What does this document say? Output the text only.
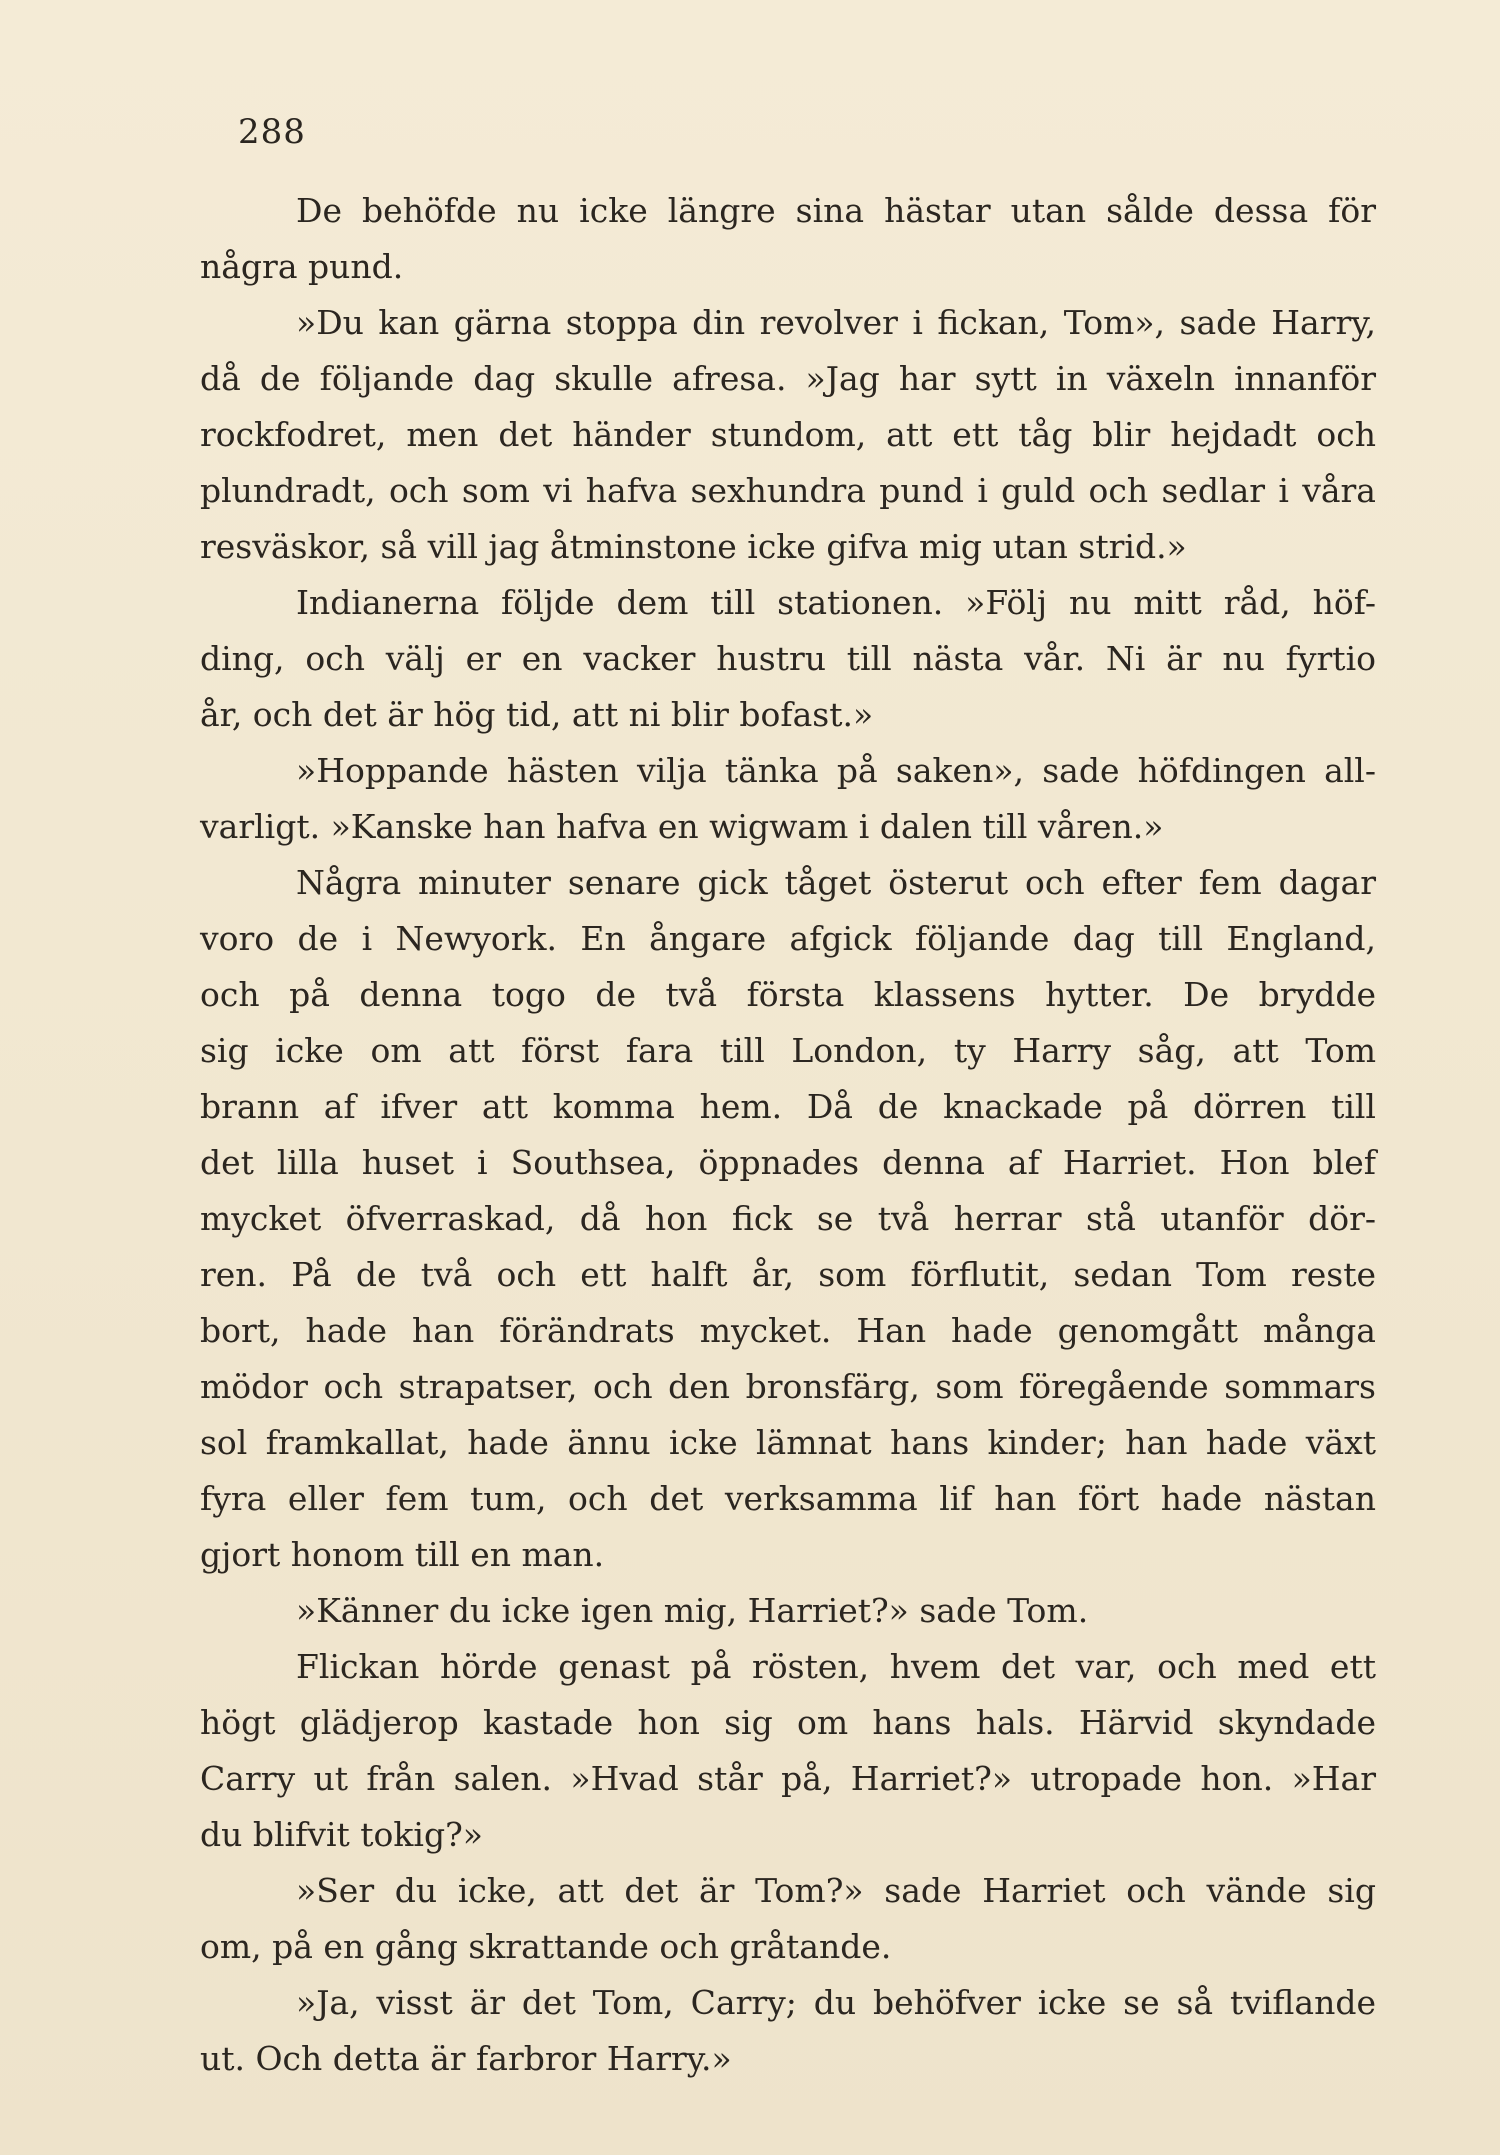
288
De behöfde nu icke längre sina hästar utan sålde dessa för
några pund.
»Du kan gärna stoppa din revolver i fickan, Tom», sade Harry,
då de följande dag skulle afresa. »Jag har sytt in växeln innanför
rockfodret, men det händer stundom, att ett tåg blir hejdadt och
plundradt, och som vi hafva sexhundra pund i guld och sedlar i våra
resväskor, så vill jag åtminstone icke gifva mig utan strid.»
Indianerna följde dem till stationen. »Följ nu mitt råd, höf-
ding, och välj er en vacker hustru till nästa vår. Ni är nu fyrtio
år, och det är hög tid, att ni blir bofast.»
»Hoppande hästen vilja tänka på saken», sade höfdingen all-
varligt. »Kanske han hafva en wigwam i dalen till våren.»
Några minuter senare gick tåget österut och efter fem dagar
voro de i Newyork. En ångare afgick följande dag till England,
och på denna togo de två första klassens hytter. De brydde
sig icke om att först fara till London, ty Harry såg, att Tom
brann af ifver att komma hem. Då de knackade på dörren till
det lilla huset i Southsea, öppnades denna af Harriet. Hon blef
mycket öfverraskad, då hon fick se två herrar stå utanför dör-
ren. På de två och ett halft år, som förflutit, sedan Tom reste
bort, hade han förändrats mycket. Han hade genomgått många
mödor och strapatser, och den bronsfärg, som föregående sommars
sol framkallat, hade ännu icke lämnat hans kinder; han hade växt
fyra eller fem tum, och det verksamma lif han fört hade nästan
gjort honom till en man.
»Känner du icke igen mig, Harriet?» sade Tom.
Flickan hörde genast på rösten, hvem det var, och med ett
högt glädjerop kastade hon sig om hans hals. Härvid skyndade
Carry ut från salen. »Hvad står på, Harriet?» utropade hon. »Har
du blifvit tokig?»
»Ser du icke, att det är Tom?» sade Harriet och vände sig
om, på en gång skrattande och gråtande.
»Ja, visst är det Tom, Carry; du behöfver icke se så tviflande
ut. Och detta är farbror Harry.»
